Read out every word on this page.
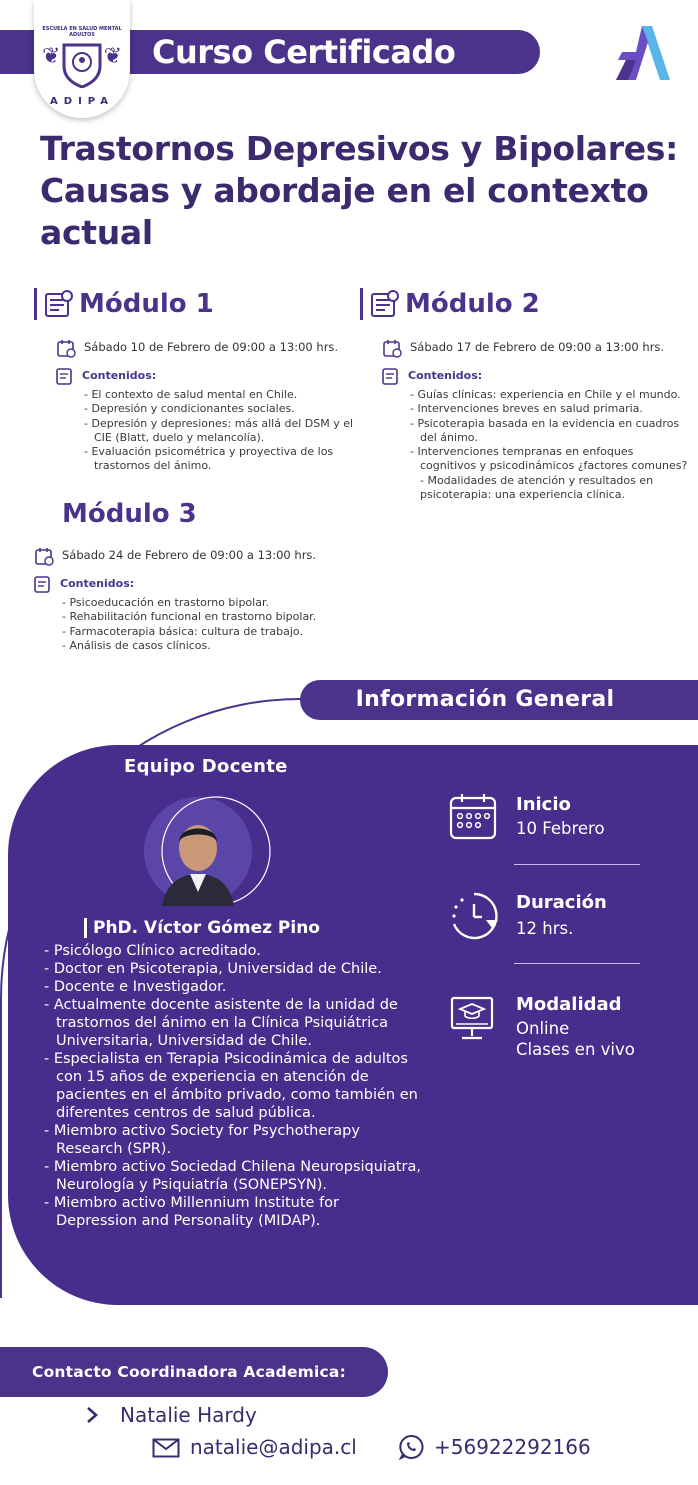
Curso Certificado
ESCUELA EN SALUD MENTAL ADULTOS
❦ ❦
ADIPA
Trastornos Depresivos y Bipolares: Causas y abordaje en el contexto actual
Módulo 1
Sábado 10 de Febrero de 09:00 a 13:00 hrs.
Contenidos:
- El contexto de salud mental en Chile.
- Depresión y condicionantes sociales.
- Depresión y depresiones: más allá del DSM y el CIE (Blatt, duelo y melancolía).
- Evaluación psicométrica y proyectiva de los trastornos del ánimo.
Módulo 2
Sábado 17 de Febrero de 09:00 a 13:00 hrs.
Contenidos:
- Guías clínicas: experiencia en Chile y el mundo.
- Intervenciones breves en salud primaria.
- Psicoterapia basada en la evidencia en cuadros del ánimo.
- Intervenciones tempranas en enfoques cognitivos y psicodinámicos ¿factores comunes? - Modalidades de atención y resultados en psicoterapia: una experiencia clínica.
Módulo 3
Sábado 24 de Febrero de 09:00 a 13:00 hrs.
Contenidos:
- Psicoeducación en trastorno bipolar.
- Rehabilitación funcional en trastorno bipolar.
- Farmacoterapia básica: cultura de trabajo.
- Análisis de casos clínicos.
Información General
Equipo Docente
PhD. Víctor Gómez Pino
- Psicólogo Clínico acreditado.
- Doctor en Psicoterapia, Universidad de Chile.
- Docente e Investigador.
- Actualmente docente asistente de la unidad de trastornos del ánimo en la Clínica Psiquiátrica Universitaria, Universidad de Chile.
- Especialista en Terapia Psicodinámica de adultos con 15 años de experiencia en atención de pacientes en el ámbito privado, como también en diferentes centros de salud pública.
- Miembro activo Society for Psychotherapy Research (SPR).
- Miembro activo Sociedad Chilena Neuropsiquiatra, Neurología y Psiquiatría (SONEPSYN).
- Miembro activo Millennium Institute for Depression and Personality (MIDAP).
Inicio
10 Febrero
Duración
12 hrs.
Modalidad
Online
Clases en vivo
Contacto Coordinadora Academica:
Natalie Hardy
natalie@adipa.cl	+56922292166
